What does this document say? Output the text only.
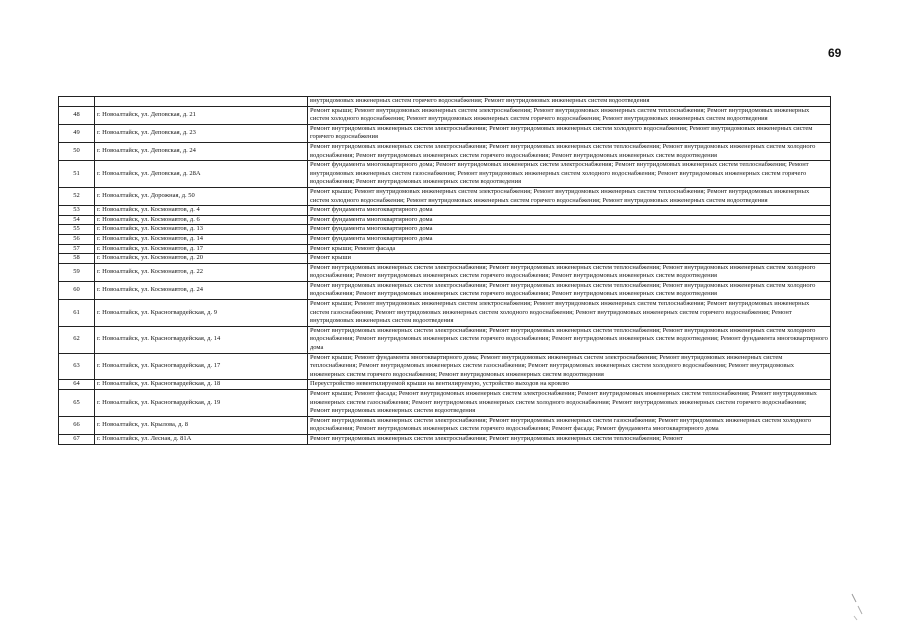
69
		внутридомовых инженерных систем горячего водоснабжения; Ремонт внутридомовых инженерных систем водоотведения
48	г. Новоалтайск, ул. Деповская, д. 21	Ремонт крыши; Ремонт внутридомовых инженерных систем электроснабжения; Ремонт внутридомовых инженерных систем теплоснабжения; Ремонт внутридомовых инженерных систем холодного водоснабжения; Ремонт внутридомовых инженерных систем горячего водоснабжения; Ремонт внутридомовых инженерных систем водоотведения
49	г. Новоалтайск, ул. Деповская, д. 23	Ремонт внутридомовых инженерных систем электроснабжения; Ремонт внутридомовых инженерных систем холодного водоснабжения; Ремонт внутридомовых инженерных систем горячего водоснабжения
50	г. Новоалтайск, ул. Деповская, д. 24	Ремонт внутридомовых инженерных систем электроснабжения; Ремонт внутридомовых инженерных систем теплоснабжения; Ремонт внутридомовых инженерных систем холодного водоснабжения; Ремонт внутридомовых инженерных систем горячего водоснабжения; Ремонт внутридомовых инженерных систем водоотведения
51	г. Новоалтайск, ул. Деповская, д. 28А	Ремонт фундамента многоквартирного дома; Ремонт внутридомовых инженерных систем электроснабжения; Ремонт внутридомовых инженерных систем теплоснабжения; Ремонт внутридомовых инженерных систем газоснабжения; Ремонт внутридомовых инженерных систем холодного водоснабжения; Ремонт внутридомовых инженерных систем горячего водоснабжения; Ремонт внутридомовых инженерных систем водоотведения
52	г. Новоалтайск, ул. Дорожная, д. 50	Ремонт крыши; Ремонт внутридомовых инженерных систем электроснабжения; Ремонт внутридомовых инженерных систем теплоснабжения; Ремонт внутридомовых инженерных систем холодного водоснабжения; Ремонт внутридомовых инженерных систем горячего водоснабжения; Ремонт внутридомовых инженерных систем водоотведения
53	г. Новоалтайск, ул. Космонавтов, д. 4	Ремонт фундамента многоквартирного дома
54	г. Новоалтайск, ул. Космонавтов, д. 6	Ремонт фундамента многоквартирного дома
55	г. Новоалтайск, ул. Космонавтов, д. 13	Ремонт фундамента многоквартирного дома
56	г. Новоалтайск, ул. Космонавтов, д. 14	Ремонт фундамента многоквартирного дома
57	г. Новоалтайск, ул. Космонавтов, д. 17	Ремонт крыши; Ремонт фасада
58	г. Новоалтайск, ул. Космонавтов, д. 20	Ремонт крыши
59	г. Новоалтайск, ул. Космонавтов, д. 22	Ремонт внутридомовых инженерных систем электроснабжения; Ремонт внутридомовых инженерных систем теплоснабжения; Ремонт внутридомовых инженерных систем холодного водоснабжения; Ремонт внутридомовых инженерных систем горячего водоснабжения; Ремонт внутридомовых инженерных систем водоотведения
60	г. Новоалтайск, ул. Космонавтов, д. 24	Ремонт внутридомовых инженерных систем электроснабжения; Ремонт внутридомовых инженерных систем теплоснабжения; Ремонт внутридомовых инженерных систем холодного водоснабжения; Ремонт внутридомовых инженерных систем горячего водоснабжения; Ремонт внутридомовых инженерных систем водоотведения
61	г. Новоалтайск, ул. Красногвардейская, д. 9	Ремонт крыши; Ремонт внутридомовых инженерных систем электроснабжения; Ремонт внутридомовых инженерных систем теплоснабжения; Ремонт внутридомовых инженерных систем газоснабжения; Ремонт внутридомовых инженерных систем холодного водоснабжения; Ремонт внутридомовых инженерных систем горячего водоснабжения; Ремонт внутридомовых инженерных систем водоотведения
62	г. Новоалтайск, ул. Красногвардейская, д. 14	Ремонт внутридомовых инженерных систем электроснабжения; Ремонт внутридомовых инженерных систем теплоснабжения; Ремонт внутридомовых инженерных систем холодного водоснабжения; Ремонт внутридомовых инженерных систем горячего водоснабжения; Ремонт внутридомовых инженерных систем водоотведения; Ремонт фундамента многоквартирного дома
63	г. Новоалтайск, ул. Красногвардейская, д. 17	Ремонт крыши; Ремонт фундамента многоквартирного дома; Ремонт внутридомовых инженерных систем электроснабжения; Ремонт внутридомовых инженерных систем теплоснабжения; Ремонт внутридомовых инженерных систем газоснабжения; Ремонт внутридомовых инженерных систем холодного водоснабжения; Ремонт внутридомовых инженерных систем горячего водоснабжения; Ремонт внутридомовых инженерных систем водоотведения
64	г. Новоалтайск, ул. Красногвардейская, д. 18	Переустройство невентилируемой крыши на вентилируемую, устройство выходов на кровлю
65	г. Новоалтайск, ул. Красногвардейская, д. 19	Ремонт крыши; Ремонт фасада; Ремонт внутридомовых инженерных систем электроснабжения; Ремонт внутридомовых инженерных систем теплоснабжения; Ремонт внутридомовых инженерных систем газоснабжения; Ремонт внутридомовых инженерных систем холодного водоснабжения; Ремонт внутридомовых инженерных систем горячего водоснабжения; Ремонт внутридомовых инженерных систем водоотведения
66	г. Новоалтайск, ул. Крылова, д. 8	Ремонт внутридомовых инженерных систем электроснабжения; Ремонт внутридомовых инженерных систем газоснабжения; Ремонт внутридомовых инженерных систем холодного водоснабжения; Ремонт внутридомовых инженерных систем горячего водоснабжения; Ремонт фасада; Ремонт фундамента многоквартирного дома
67	г. Новоалтайск, ул. Лесная, д. 81А	Ремонт внутридомовых инженерных систем электроснабжения; Ремонт внутридомовых инженерных систем теплоснабжения; Ремонт
